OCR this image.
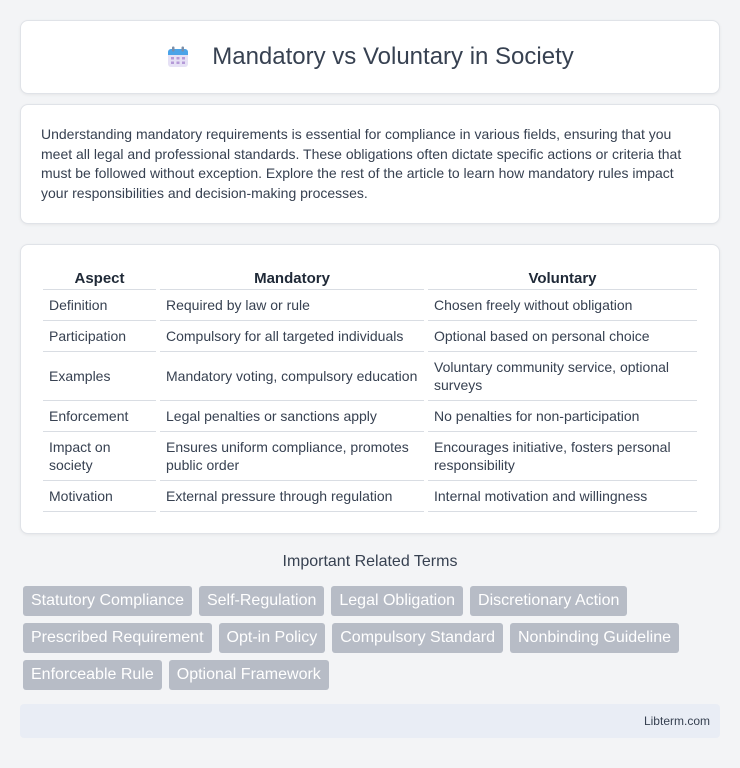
Mandatory vs Voluntary in Society

Understanding mandatory requirements is essential for compliance in various fields, ensuring that you meet all legal and professional standards. These obligations often dictate specific actions or criteria that must be followed without exception. Explore the rest of the article to learn how mandatory rules impact your responsibilities and decision-making processes.

Aspect	Mandatory	Voluntary
Definition	Required by law or rule	Chosen freely without obligation
Participation	Compulsory for all targeted individuals	Optional based on personal choice
Examples	Mandatory voting, compulsory education	Voluntary community service, optional surveys
Enforcement	Legal penalties or sanctions apply	No penalties for non-participation
Impact on society	Ensures uniform compliance, promotes public order	Encourages initiative, fosters personal responsibility
Motivation	External pressure through regulation	Internal motivation and willingness
Important Related Terms
Statutory Compliance	Self-Regulation	Legal Obligation	Discretionary Action
Prescribed Requirement	Opt-in Policy	Compulsory Standard	Nonbinding Guideline
Enforceable Rule	Optional Framework
Libterm.com
